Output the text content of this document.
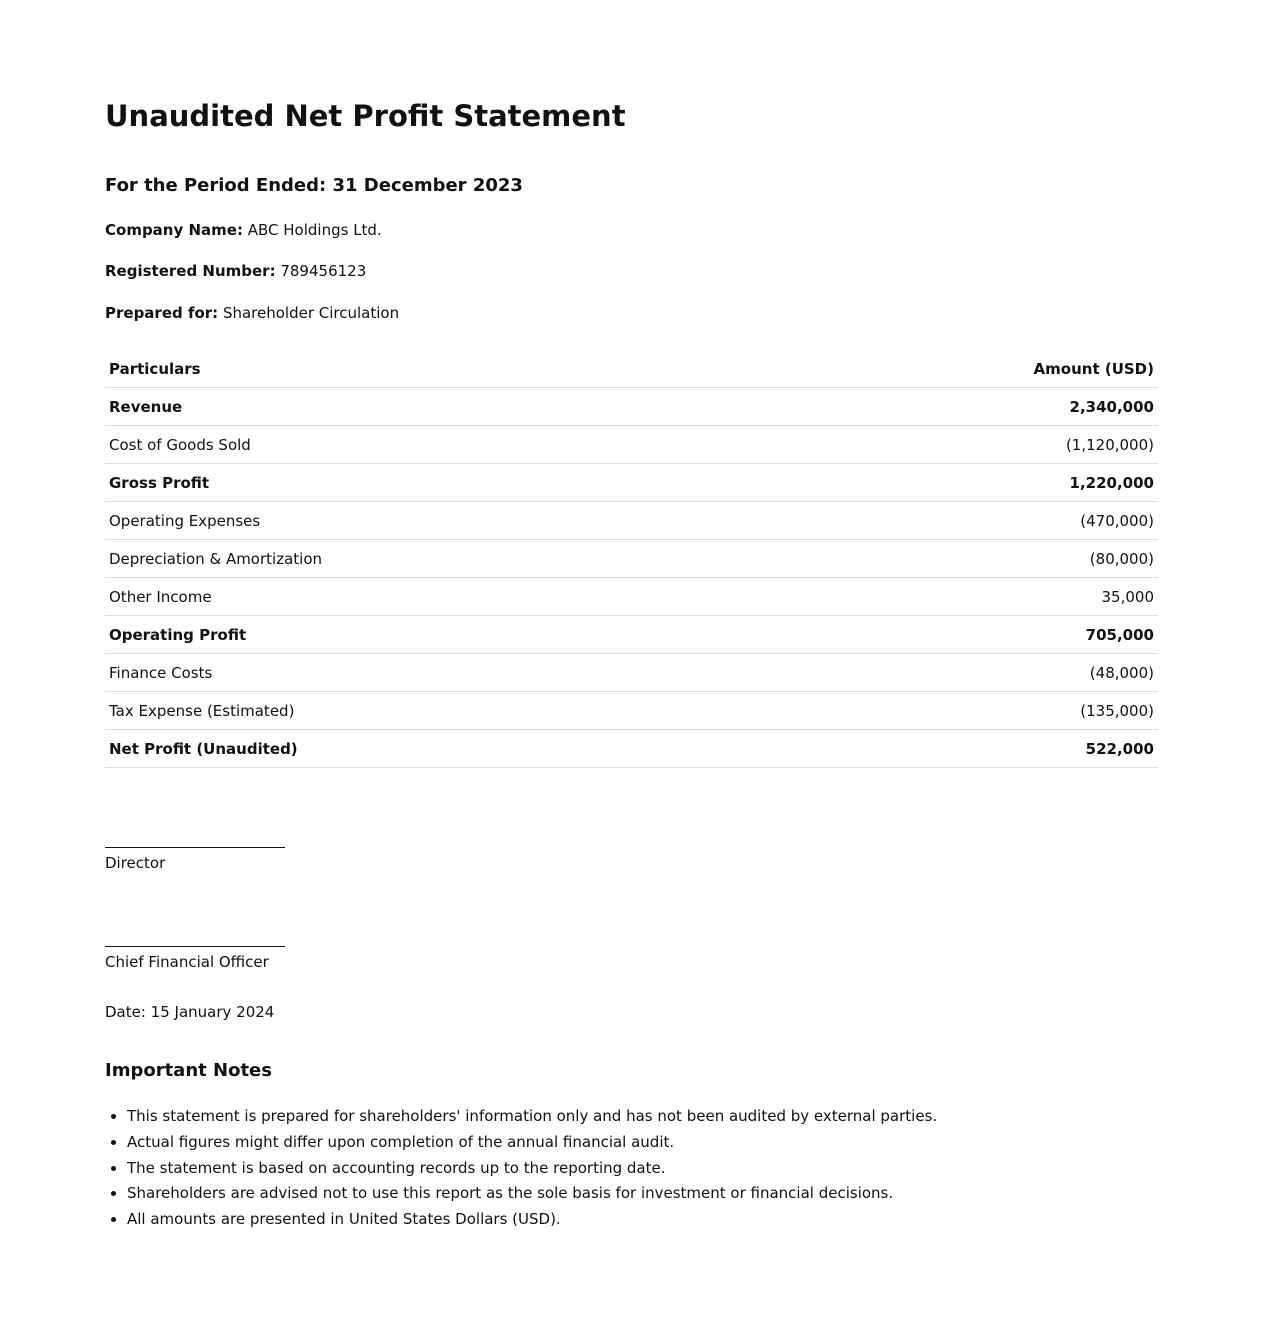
Unaudited Net Profit Statement
For the Period Ended: 31 December 2023

Company Name: ABC Holdings Ltd.

Registered Number: 789456123

Prepared for: Shareholder Circulation

Particulars	Amount (USD)
Revenue	2,340,000
Cost of Goods Sold	(1,120,000)
Gross Profit	1,220,000
Operating Expenses	(470,000)
Depreciation & Amortization	(80,000)
Other Income	35,000
Operating Profit	705,000
Finance Costs	(48,000)
Tax Expense (Estimated)	(135,000)
Net Profit (Unaudited)	522,000
Director
Chief Financial Officer
Date: 15 January 2024
Important Notes
• This statement is prepared for shareholders' information only and has not been audited by external parties.
• Actual figures might differ upon completion of the annual financial audit.
• The statement is based on accounting records up to the reporting date.
• Shareholders are advised not to use this report as the sole basis for investment or financial decisions.
• All amounts are presented in United States Dollars (USD).
